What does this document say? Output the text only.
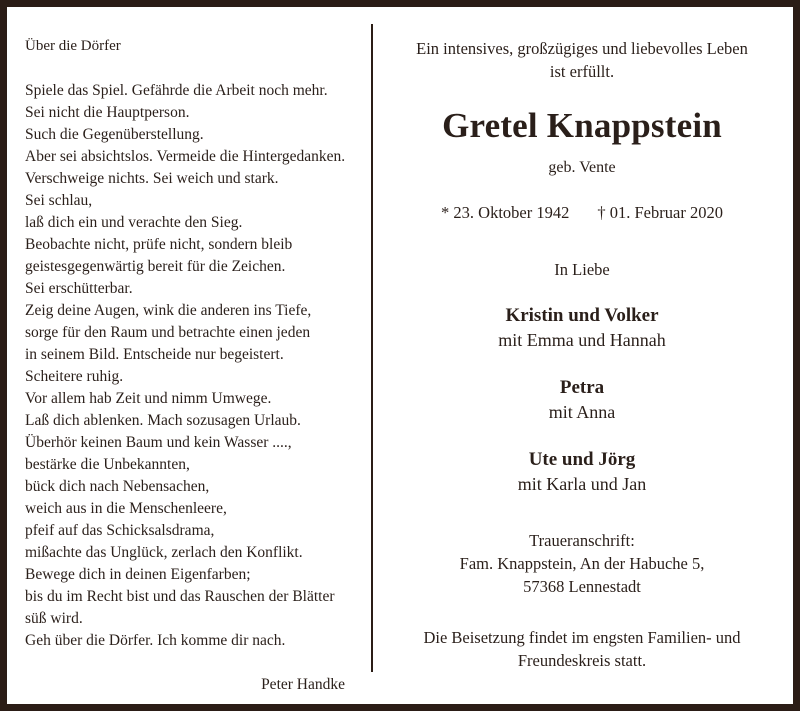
Über die Dörfer
Spiele das Spiel. Gefährde die Arbeit noch mehr.
Sei nicht die Hauptperson.
Such die Gegenüberstellung.
Aber sei absichtslos. Vermeide die Hintergedanken.
Verschweige nichts. Sei weich und stark.
Sei schlau,
laß dich ein und verachte den Sieg.
Beobachte nicht, prüfe nicht, sondern bleib
geistesgegenwärtig bereit für die Zeichen.
Sei erschütterbar.
Zeig deine Augen, wink die anderen ins Tiefe,
sorge für den Raum und betrachte einen jeden
in seinem Bild. Entscheide nur begeistert.
Scheitere ruhig.
Vor allem hab Zeit und nimm Umwege.
Laß dich ablenken. Mach sozusagen Urlaub.
Überhör keinen Baum und kein Wasser ....,
bestärke die Unbekannten,
bück dich nach Nebensachen,
weich aus in die Menschenleere,
pfeif auf das Schicksalsdrama,
mißachte das Unglück, zerlach den Konflikt.
Bewege dich in deinen Eigenfarben;
bis du im Recht bist und das Rauschen der Blätter
süß wird.
Geh über die Dörfer. Ich komme dir nach.
Peter Handke
Ein intensives, großzügiges und liebevolles Leben
ist erfüllt.
Gretel Knappstein
geb. Vente
* 23. Oktober 1942 † 01. Februar 2020
In Liebe
Kristin und Volker
mit Emma und Hannah
Petra
mit Anna
Ute und Jörg
mit Karla und Jan
Traueranschrift:
Fam. Knappstein, An der Habuche 5,
57368 Lennestadt
Die Beisetzung findet im engsten Familien- und
Freundeskreis statt.
